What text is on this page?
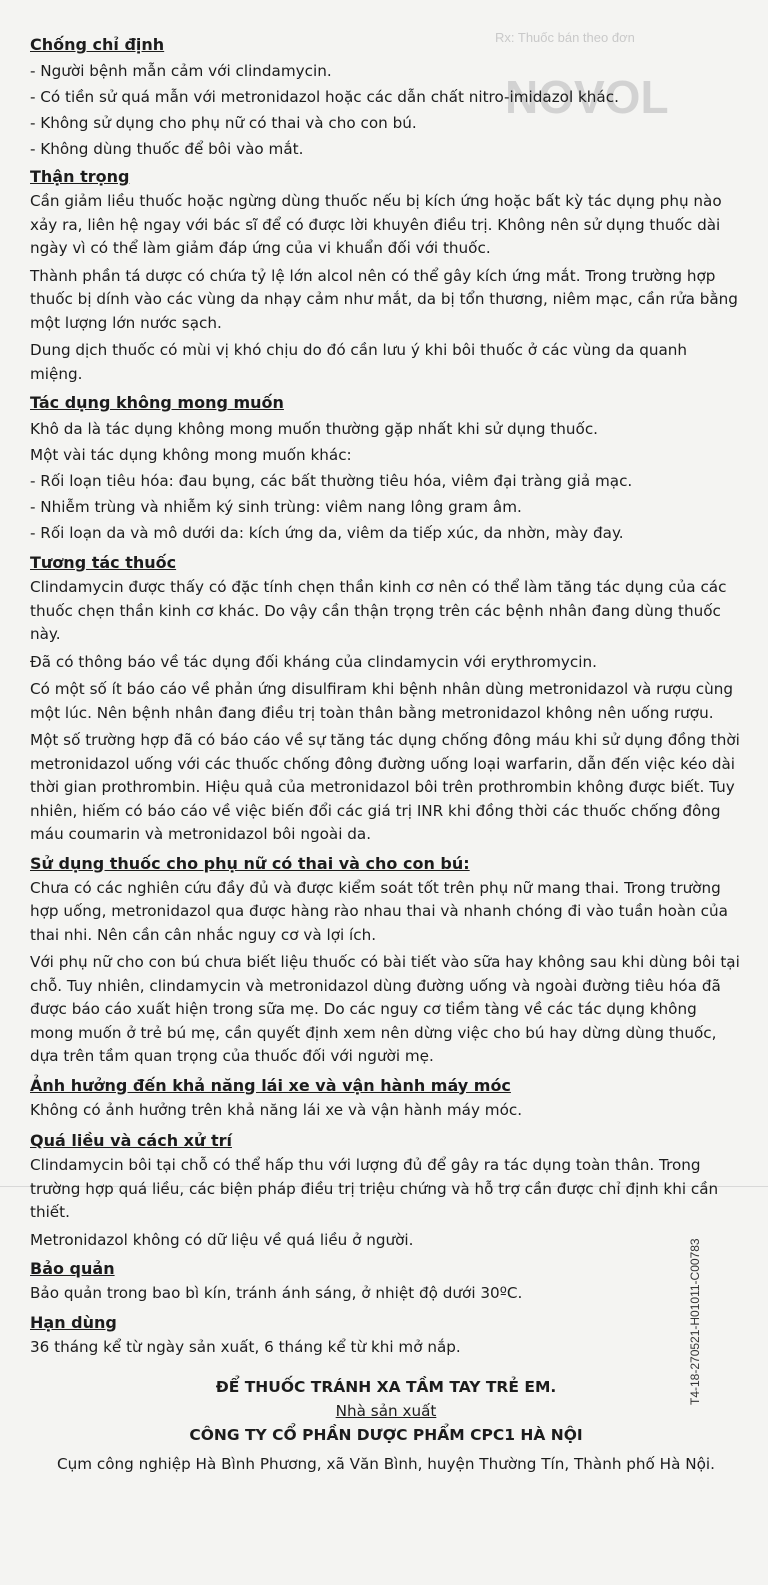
Rx: Thuốc bán theo đơn
NOVOL
Chống chỉ định

- Người bệnh mẫn cảm với clindamycin.

- Có tiền sử quá mẫn với metronidazol hoặc các dẫn chất nitro-imidazol khác.

- Không sử dụng cho phụ nữ có thai và cho con bú.

- Không dùng thuốc để bôi vào mắt.

Thận trọng

Cần giảm liều thuốc hoặc ngừng dùng thuốc nếu bị kích ứng hoặc bất kỳ tác dụng phụ nào xảy ra, liên hệ ngay với bác sĩ để có được lời khuyên điều trị. Không nên sử dụng thuốc dài ngày vì có thể làm giảm đáp ứng của vi khuẩn đối với thuốc.

Thành phần tá dược có chứa tỷ lệ lớn alcol nên có thể gây kích ứng mắt. Trong trường hợp thuốc bị dính vào các vùng da nhạy cảm như mắt, da bị tổn thương, niêm mạc, cần rửa bằng một lượng lớn nước sạch.

Dung dịch thuốc có mùi vị khó chịu do đó cần lưu ý khi bôi thuốc ở các vùng da quanh miệng.

Tác dụng không mong muốn

Khô da là tác dụng không mong muốn thường gặp nhất khi sử dụng thuốc.

Một vài tác dụng không mong muốn khác:

- Rối loạn tiêu hóa: đau bụng, các bất thường tiêu hóa, viêm đại tràng giả mạc.

- Nhiễm trùng và nhiễm ký sinh trùng: viêm nang lông gram âm.

- Rối loạn da và mô dưới da: kích ứng da, viêm da tiếp xúc, da nhờn, mày đay.

Tương tác thuốc

Clindamycin được thấy có đặc tính chẹn thần kinh cơ nên có thể làm tăng tác dụng của các thuốc chẹn thần kinh cơ khác. Do vậy cần thận trọng trên các bệnh nhân đang dùng thuốc này.

Đã có thông báo về tác dụng đối kháng của clindamycin với erythromycin.

Có một số ít báo cáo về phản ứng disulfiram khi bệnh nhân dùng metronidazol và rượu cùng một lúc. Nên bệnh nhân đang điều trị toàn thân bằng metronidazol không nên uống rượu.

Một số trường hợp đã có báo cáo về sự tăng tác dụng chống đông máu khi sử dụng đồng thời metronidazol uống với các thuốc chống đông đường uống loại warfarin, dẫn đến việc kéo dài thời gian prothrombin. Hiệu quả của metronidazol bôi trên prothrombin không được biết. Tuy nhiên, hiếm có báo cáo về việc biến đổi các giá trị INR khi đồng thời các thuốc chống đông máu coumarin và metronidazol bôi ngoài da.

Sử dụng thuốc cho phụ nữ có thai và cho con bú:

Chưa có các nghiên cứu đầy đủ và được kiểm soát tốt trên phụ nữ mang thai. Trong trường hợp uống, metronidazol qua được hàng rào nhau thai và nhanh chóng đi vào tuần hoàn của thai nhi. Nên cần cân nhắc nguy cơ và lợi ích.

Với phụ nữ cho con bú chưa biết liệu thuốc có bài tiết vào sữa hay không sau khi dùng bôi tại chỗ. Tuy nhiên, clindamycin và metronidazol dùng đường uống và ngoài đường tiêu hóa đã được báo cáo xuất hiện trong sữa mẹ. Do các nguy cơ tiềm tàng về các tác dụng không mong muốn ở trẻ bú mẹ, cần quyết định xem nên dừng việc cho bú hay dừng dùng thuốc, dựa trên tầm quan trọng của thuốc đối với người mẹ.

Ảnh hưởng đến khả năng lái xe và vận hành máy móc

Không có ảnh hưởng trên khả năng lái xe và vận hành máy móc.

Quá liều và cách xử trí

Clindamycin bôi tại chỗ có thể hấp thu với lượng đủ để gây ra tác dụng toàn thân. Trong trường hợp quá liều, các biện pháp điều trị triệu chứng và hỗ trợ cần được chỉ định khi cần thiết.

Metronidazol không có dữ liệu về quá liều ở người.

Bảo quản

Bảo quản trong bao bì kín, tránh ánh sáng, ở nhiệt độ dưới 30ºC.

Hạn dùng

36 tháng kể từ ngày sản xuất, 6 tháng kể từ khi mở nắp.

ĐỂ THUỐC TRÁNH XA TẦM TAY TRẺ EM.
Nhà sản xuất
CÔNG TY CỔ PHẦN DƯỢC PHẨM CPC1 HÀ NỘI
Cụm công nghiệp Hà Bình Phương, xã Văn Bình, huyện Thường Tín, Thành phố Hà Nội.
T4-18-270521-H01011-C00783
